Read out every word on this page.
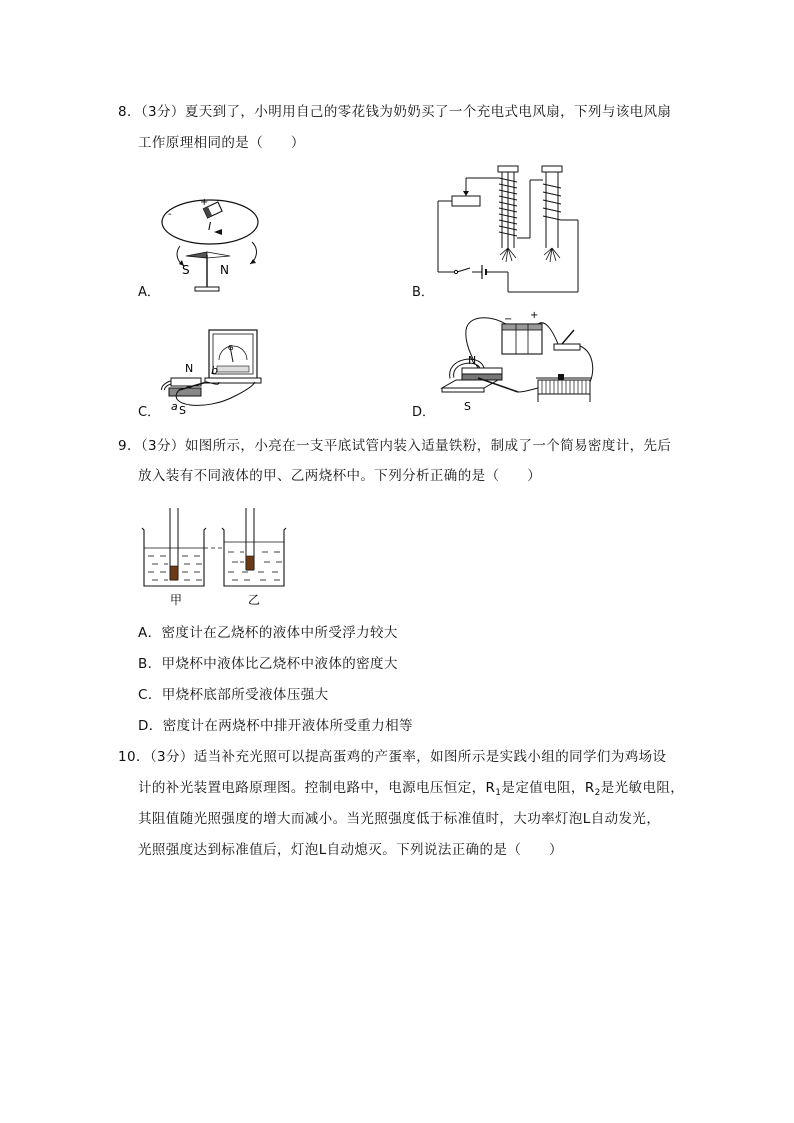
8．（3分）夏天到了，小明用自己的零花钱为奶奶买了一个充电式电风扇，下列与该电风扇
工作原理相同的是（　　）
-
+
I
S	N
A．	B．
G
N b
a S
C．
− +
N
S
D．
9．（3分）如图所示，小亮在一支平底试管内装入适量铁粉，制成了一个简易密度计，先后
放入装有不同液体的甲、乙两烧杯中。下列分析正确的是（　　）
甲	乙
A．密度计在乙烧杯的液体中所受浮力较大
B．甲烧杯中液体比乙烧杯中液体的密度大
C．甲烧杯底部所受液体压强大
D．密度计在两烧杯中排开液体所受重力相等
10．（3分）适当补充光照可以提高蛋鸡的产蛋率，如图所示是实践小组的同学们为鸡场设
计的补光装置电路原理图。控制电路中，电源电压恒定，$R_1$是定值电阻，$R_2$是光敏电阻，
其阻值随光照强度的增大而减小。当光照强度低于标准值时，大功率灯泡L自动发光，
光照强度达到标准值后，灯泡L自动熄灭。下列说法正确的是（　　）
